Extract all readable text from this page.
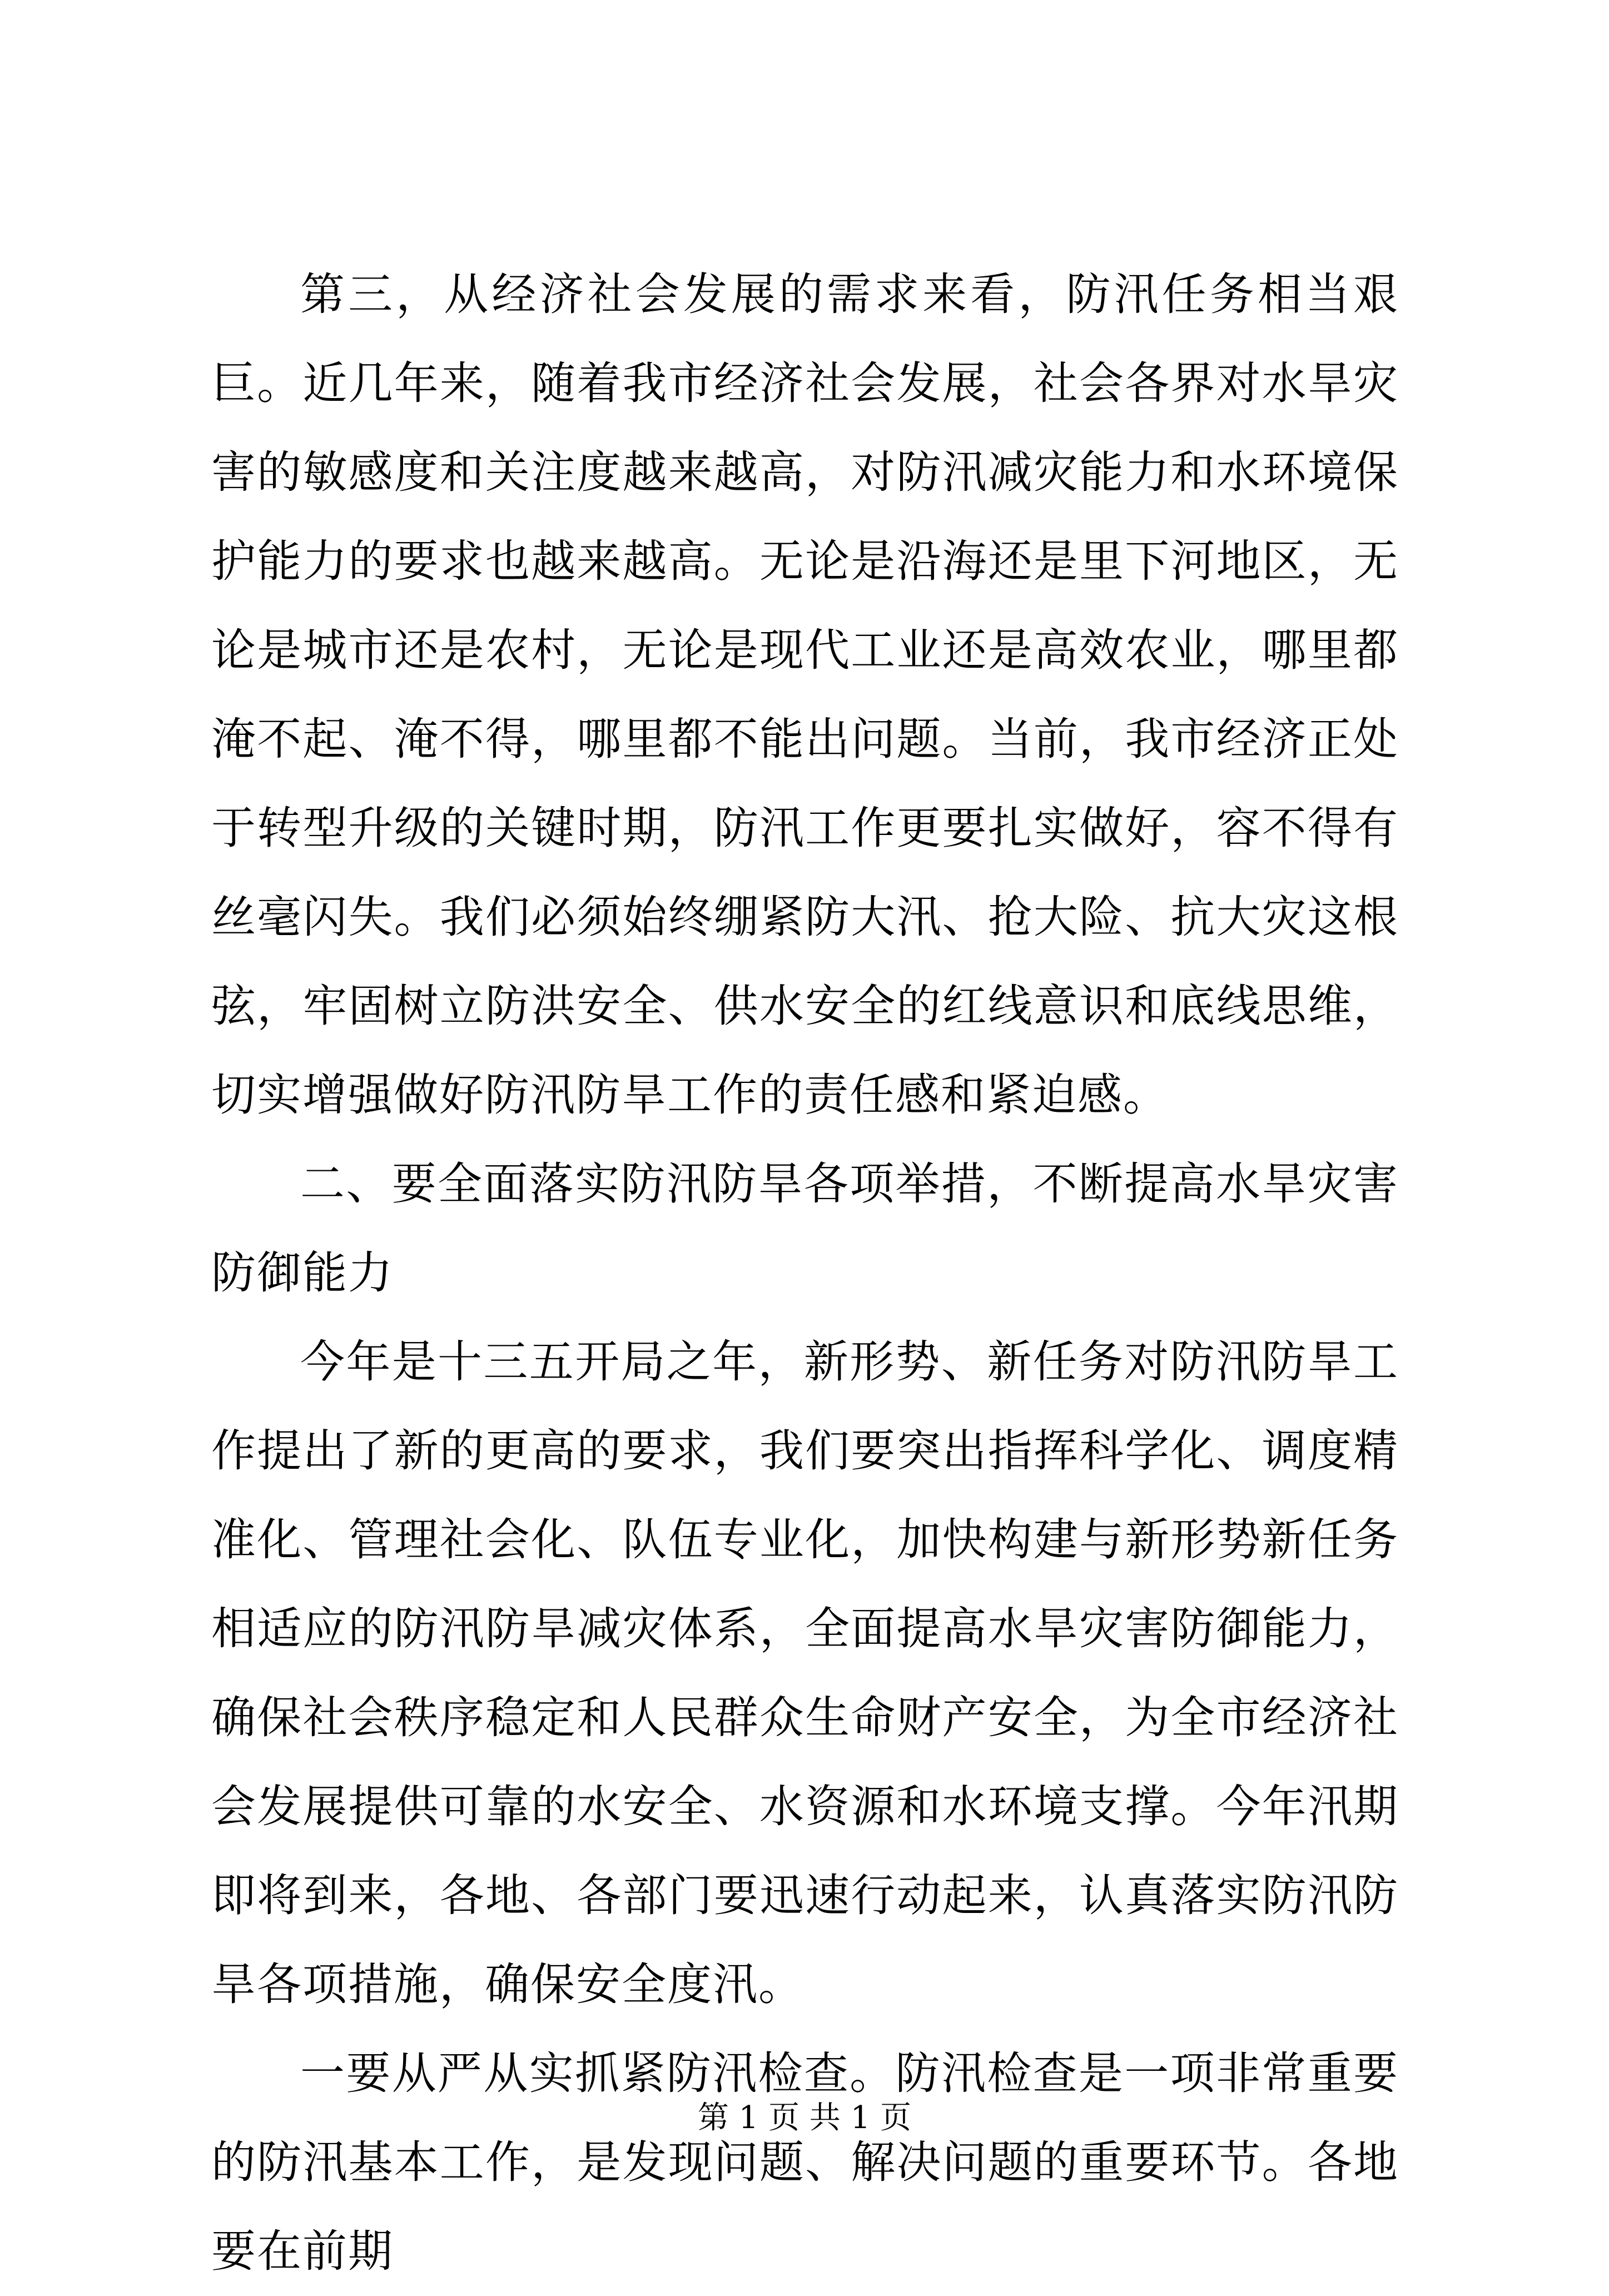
第三，从经济社会发展的需求来看，防汛任务相当艰巨。近几年来，随着我市经济社会发展，社会各界对水旱灾害的敏感度和关注度越来越高，对防汛减灾能力和水环境保护能力的要求也越来越高。无论是沿海还是里下河地区，无论是城市还是农村，无论是现代工业还是高效农业，哪里都淹不起、淹不得，哪里都不能出问题。当前，我市经济正处于转型升级的关键时期，防汛工作更要扎实做好，容不得有丝毫闪失。我们必须始终绷紧防大汛、抢大险、抗大灾这根弦，牢固树立防洪安全、供水安全的红线意识和底线思维，切实增强做好防汛防旱工作的责任感和紧迫感。

二、要全面落实防汛防旱各项举措，不断提高水旱灾害防御能力

今年是十三五开局之年，新形势、新任务对防汛防旱工作提出了新的更高的要求，我们要突出指挥科学化、调度精准化、管理社会化、队伍专业化，加快构建与新形势新任务相适应的防汛防旱减灾体系，全面提高水旱灾害防御能力，确保社会秩序稳定和人民群众生命财产安全，为全市经济社会发展提供可靠的水安全、水资源和水环境支撑。今年汛期即将到来，各地、各部门要迅速行动起来，认真落实防汛防旱各项措施，确保安全度汛。

一要从严从实抓紧防汛检查。防汛检查是一项非常重要的防汛基本工作，是发现问题、解决问题的重要环节。各地要在前期

第 1 页 共 1 页
